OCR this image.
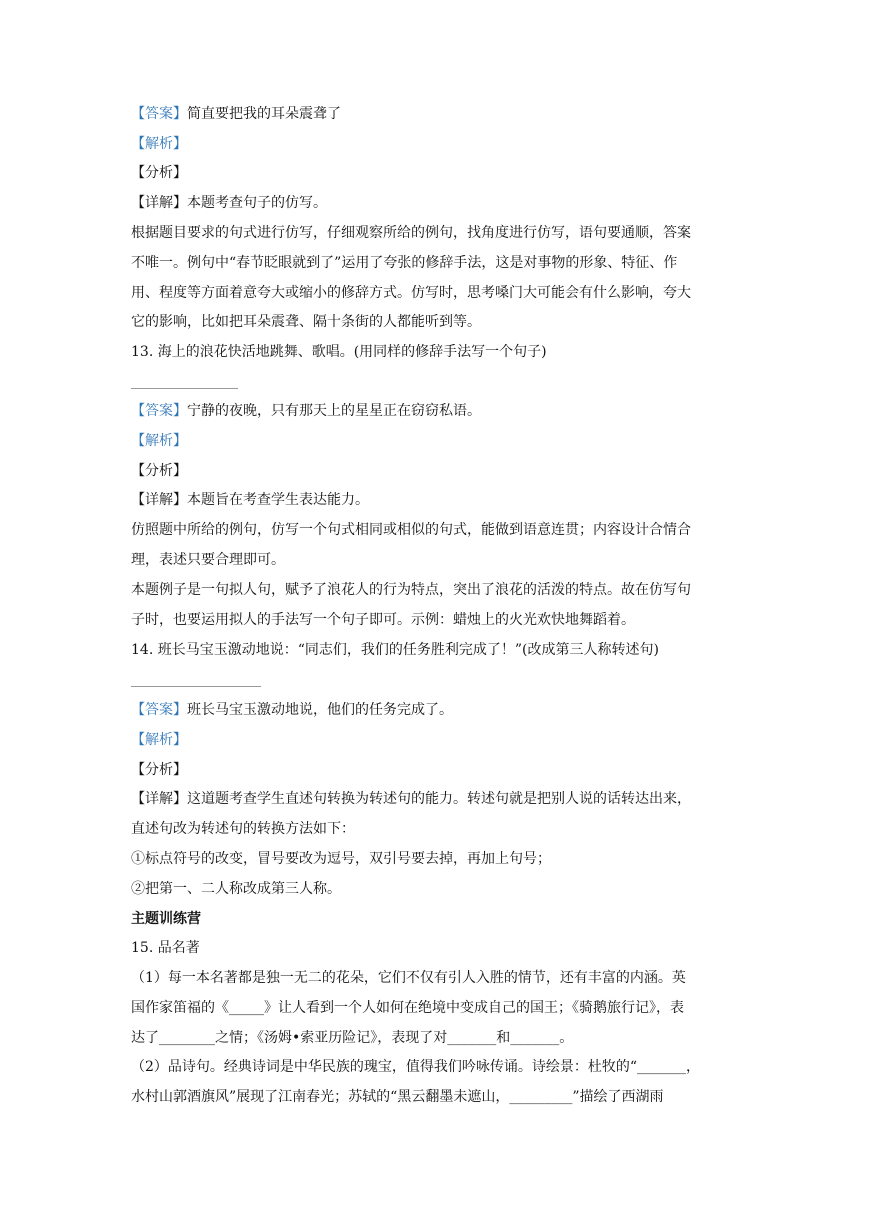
【答案】简直要把我的耳朵震聋了
【解析】
【分析】
【详解】本题考查句子的仿写。
根据题目要求的句式进行仿写，仔细观察所给的例句，找角度进行仿写，语句要通顺，答案
不唯一。例句中“春节眨眼就到了”运用了夸张的修辞手法，这是对事物的形象、特征、作
用、程度等方面着意夸大或缩小的修辞方式。仿写时，思考嗓门大可能会有什么影响，夸大
它的影响，比如把耳朵震聋、隔十条街的人都能听到等。
13. 海上的浪花快活地跳舞、歌唱。(用同样的修辞手法写一个句子)
【答案】宁静的夜晚，只有那天上的星星正在窃窃私语。
【解析】
【分析】
【详解】本题旨在考查学生表达能力。
仿照题中所给的例句，仿写一个句式相同或相似的句式，能做到语意连贯；内容设计合情合
理，表述只要合理即可。
本题例子是一句拟人句，赋予了浪花人的行为特点，突出了浪花的活泼的特点。故在仿写句
子时，也要运用拟人的手法写一个句子即可。示例：蜡烛上的火光欢快地舞蹈着。
14. 班长马宝玉激动地说：“同志们，我们的任务胜利完成了！”(改成第三人称转述句)
【答案】班长马宝玉激动地说，他们的任务完成了。
【解析】
【分析】
【详解】这道题考查学生直述句转换为转述句的能力。转述句就是把别人说的话转达出来，
直述句改为转述句的转换方法如下：
①标点符号的改变，冒号要改为逗号，双引号要去掉，再加上句号；
②把第一、二人称改成第三人称。
主题训练营
15. 品名著
（1）每一本名著都是独一无二的花朵，它们不仅有引人入胜的情节，还有丰富的内涵。英
国作家笛福的《_____》让人看到一个人如何在绝境中变成自己的国王；《骑鹅旅行记》，表
达了________之情；《汤姆•索亚历险记》，表现了对_______和_______。
（2）品诗句。经典诗词是中华民族的瑰宝，值得我们吟咏传诵。诗绘景：杜牧的“_______，
水村山郭酒旗风”展现了江南春光；苏轼的“黑云翻墨未遮山，_________”描绘了西湖雨
